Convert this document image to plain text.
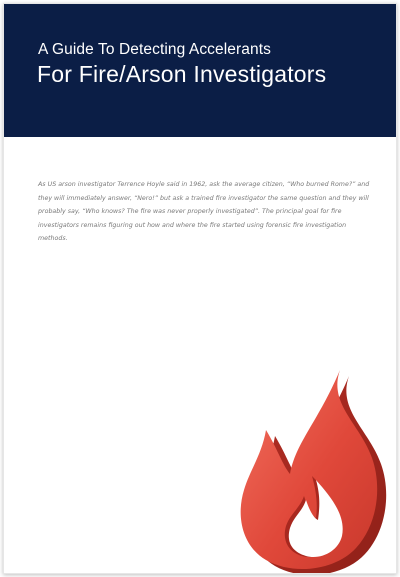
A Guide To Detecting Accelerants
For Fire/Arson Investigators

As US arson investigator Terrence Hoyle said in 1962, ask the average citizen, “Who burned Rome?” and they will immediately answer, “Nero!” but ask a trained fire investigator the same question and they will probably say, “Who knows? The fire was never properly investigated”. The principal goal for fire investigators remains figuring out how and where the fire started using forensic fire investigation methods.
